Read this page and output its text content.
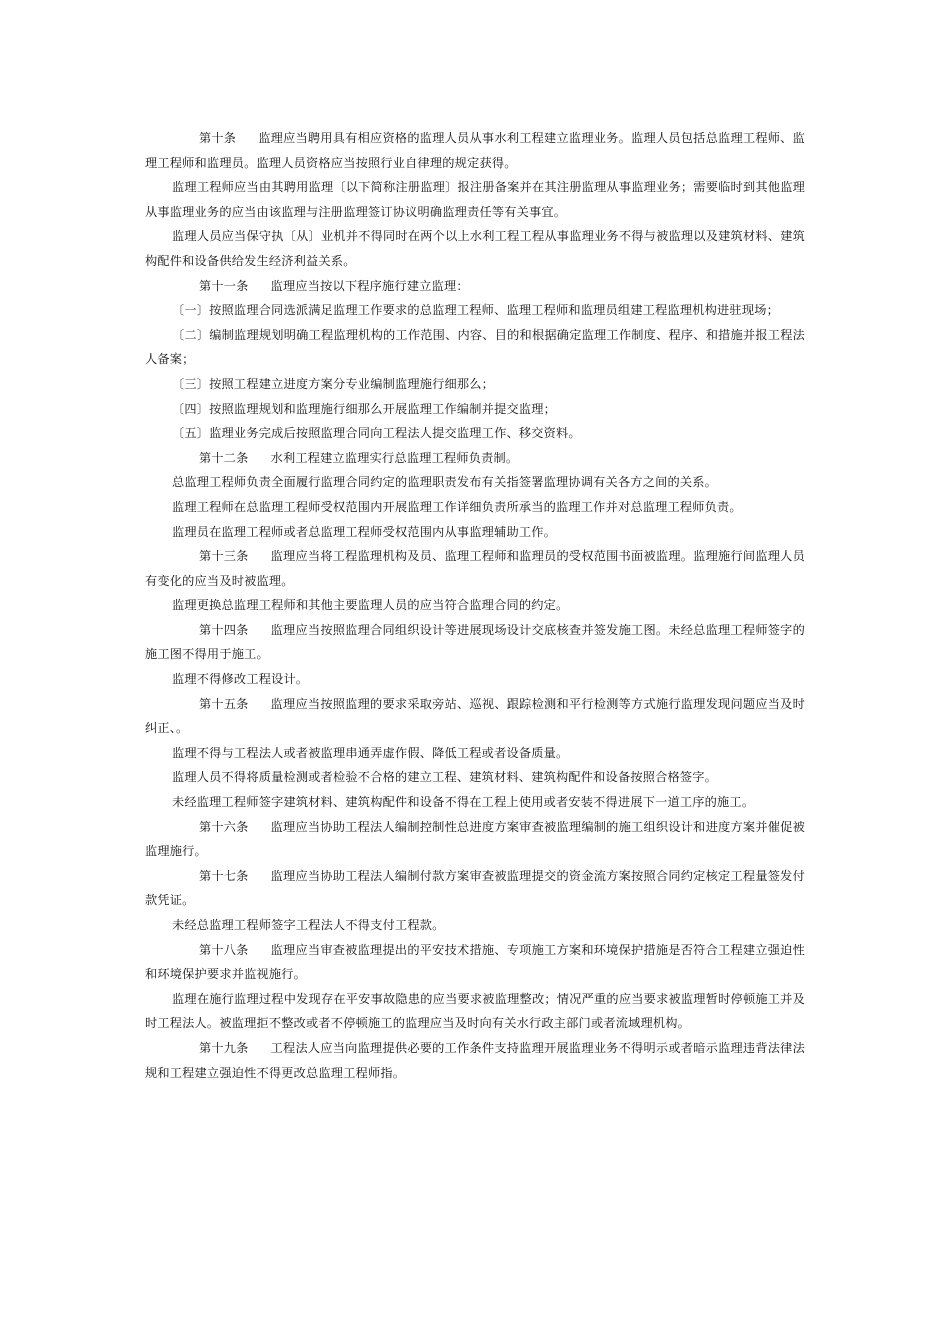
第十条 监理应当聘用具有相应资格的监理人员从事水利工程建立监理业务。监理人员包括总监理工程师、监理工程师和监理员。监理人员资格应当按照行业自律理的规定获得。

监理工程师应当由其聘用监理〔以下简称注册监理〕报注册备案并在其注册监理从事监理业务；需要临时到其他监理从事监理业务的应当由该监理与注册监理签订协议明确监理责任等有关事宜。

监理人员应当保守执〔从〕业机并不得同时在两个以上水利工程工程从事监理业务不得与被监理以及建筑材料、建筑构配件和设备供给发生经济利益关系。

第十一条 监理应当按以下程序施行建立监理：

〔一〕按照监理合同选派满足监理工作要求的总监理工程师、监理工程师和监理员组建工程监理机构进驻现场；

〔二〕编制监理规划明确工程监理机构的工作范围、内容、目的和根据确定监理工作制度、程序、和措施并报工程法人备案；

〔三〕按照工程建立进度方案分专业编制监理施行细那么；

〔四〕按照监理规划和监理施行细那么开展监理工作编制并提交监理；

〔五〕监理业务完成后按照监理合同向工程法人提交监理工作、移交资料。

第十二条 水利工程建立监理实行总监理工程师负责制。

总监理工程师负责全面履行监理合同约定的监理职责发布有关指签署监理协调有关各方之间的关系。

监理工程师在总监理工程师受权范围内开展监理工作详细负责所承当的监理工作并对总监理工程师负责。

监理员在监理工程师或者总监理工程师受权范围内从事监理辅助工作。

第十三条 监理应当将工程监理机构及员、监理工程师和监理员的受权范围书面被监理。监理施行间监理人员有变化的应当及时被监理。

监理更换总监理工程师和其他主要监理人员的应当符合监理合同的约定。

第十四条 监理应当按照监理合同组织设计等进展现场设计交底核查并签发施工图。未经总监理工程师签字的施工图不得用于施工。

监理不得修改工程设计。

第十五条 监理应当按照监理的要求采取旁站、巡视、跟踪检测和平行检测等方式施行监理发现问题应当及时纠正、。

监理不得与工程法人或者被监理串通弄虚作假、降低工程或者设备质量。

监理人员不得将质量检测或者检验不合格的建立工程、建筑材料、建筑构配件和设备按照合格签字。

未经监理工程师签字建筑材料、建筑构配件和设备不得在工程上使用或者安装不得进展下一道工序的施工。

第十六条 监理应当协助工程法人编制控制性总进度方案审查被监理编制的施工组织设计和进度方案并催促被监理施行。

第十七条 监理应当协助工程法人编制付款方案审查被监理提交的资金流方案按照合同约定核定工程量签发付款凭证。

未经总监理工程师签字工程法人不得支付工程款。

第十八条 监理应当审查被监理提出的平安技术措施、专项施工方案和环境保护措施是否符合工程建立强迫性和环境保护要求并监视施行。

监理在施行监理过程中发现存在平安事故隐患的应当要求被监理整改；情况严重的应当要求被监理暂时停顿施工并及时工程法人。被监理拒不整改或者不停顿施工的监理应当及时向有关水行政主部门或者流域理机构。

第十九条 工程法人应当向监理提供必要的工作条件支持监理开展监理业务不得明示或者暗示监理违背法律法规和工程建立强迫性不得更改总监理工程师指。
